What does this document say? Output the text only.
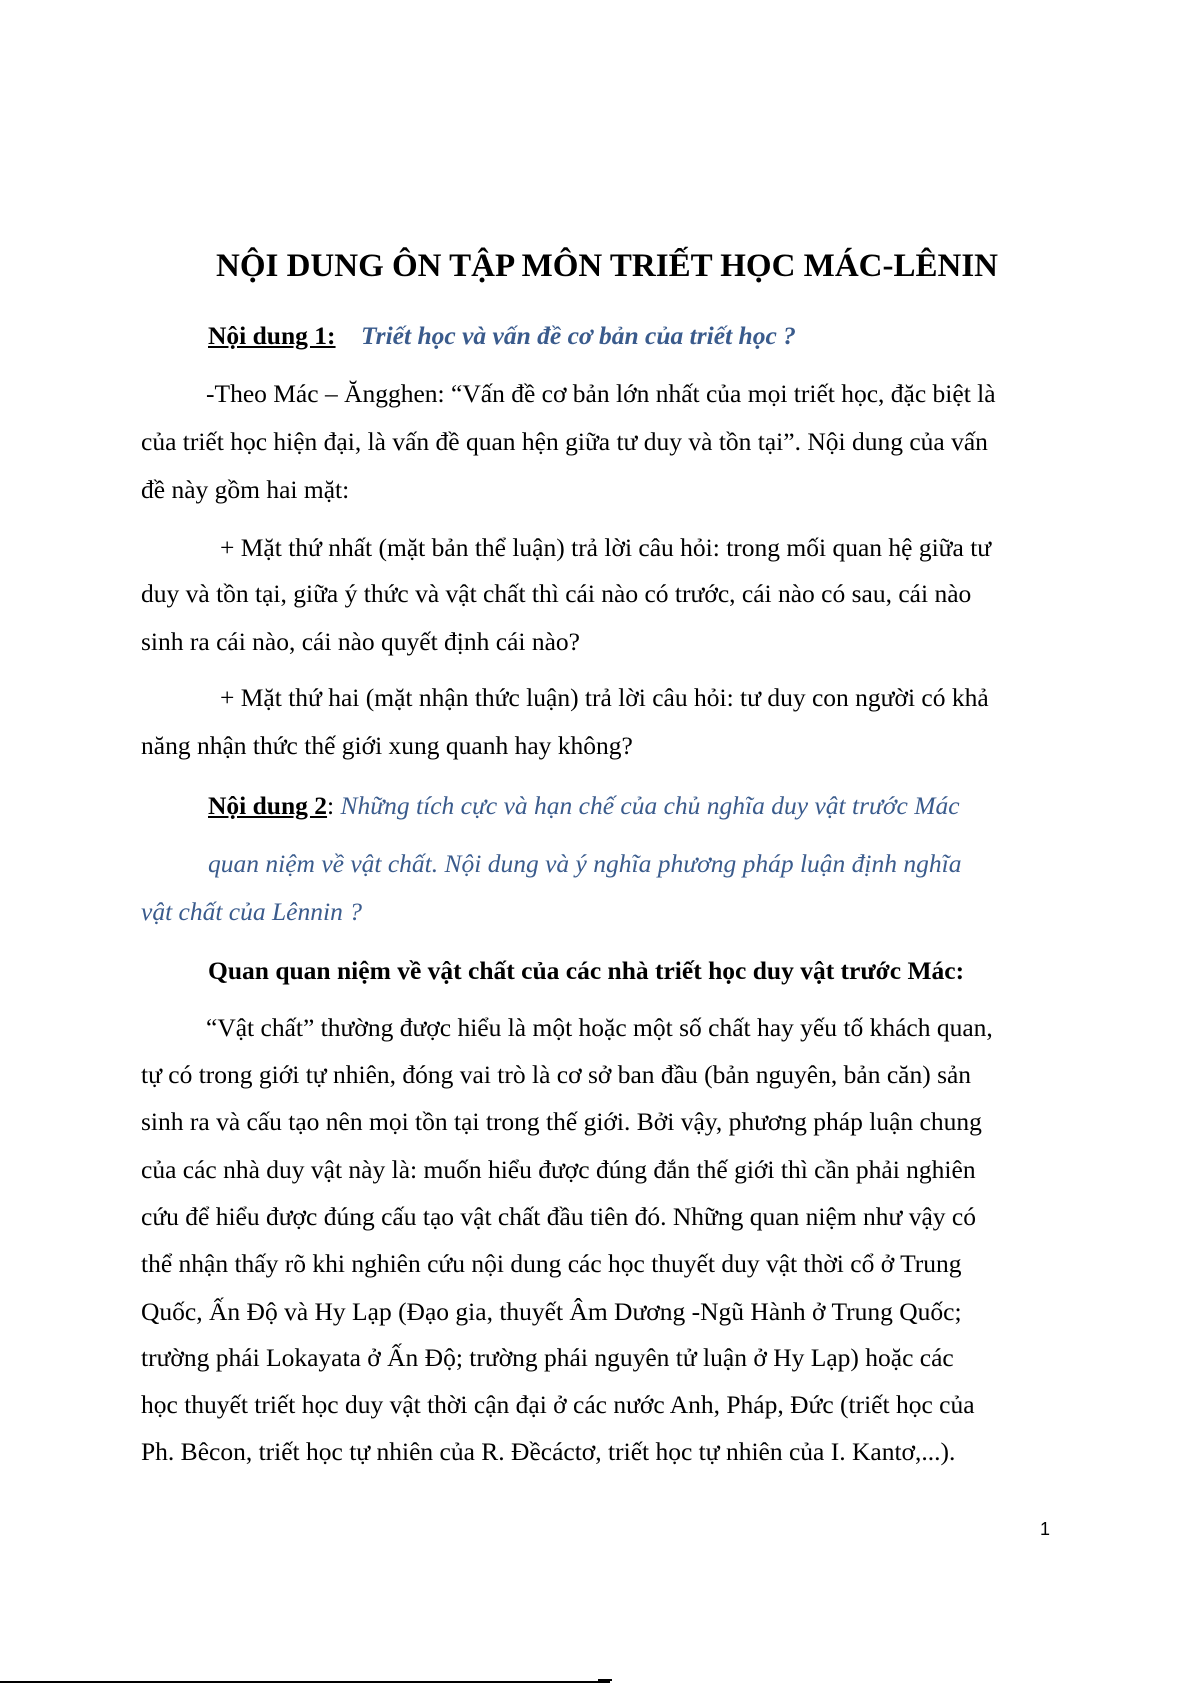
NỘI DUNG ÔN TẬP MÔN TRIẾT HỌC MÁC-LÊNIN
Nội dung 1: Triết học và vấn đề cơ bản của triết học ?
-Theo Mác – Ăngghen: “Vấn đề cơ bản lớn nhất của mọi triết học, đặc biệt là
của triết học hiện đại, là vấn đề quan hện giữa tư duy và tồn tại”. Nội dung của vấn
đề này gồm hai mặt:
+ Mặt thứ nhất (mặt bản thể luận) trả lời câu hỏi: trong mối quan hệ giữa tư
duy và tồn tại, giữa ý thức và vật chất thì cái nào có trước, cái nào có sau, cái nào
sinh ra cái nào, cái nào quyết định cái nào?
+ Mặt thứ hai (mặt nhận thức luận) trả lời câu hỏi: tư duy con người có khả
năng nhận thức thế giới xung quanh hay không?
Nội dung 2: Những tích cực và hạn chế của chủ nghĩa duy vật trước Mác
quan niệm về vật chất. Nội dung và ý nghĩa phương pháp luận định nghĩa
vật chất của Lênnin ?
Quan quan niệm về vật chất của các nhà triết học duy vật trước Mác:
“Vật chất” thường được hiểu là một hoặc một số chất hay yếu tố khách quan,
tự có trong giới tự nhiên, đóng vai trò là cơ sở ban đầu (bản nguyên, bản căn) sản
sinh ra và cấu tạo nên mọi tồn tại trong thế giới. Bởi vậy, phương pháp luận chung
của các nhà duy vật này là: muốn hiểu được đúng đắn thế giới thì cần phải nghiên
cứu để hiểu được đúng cấu tạo vật chất đầu tiên đó. Những quan niệm như vậy có
thể nhận thấy rõ khi nghiên cứu nội dung các học thuyết duy vật thời cổ ở Trung
Quốc, Ấn Độ và Hy Lạp (Đạo gia, thuyết Âm Dương -Ngũ Hành ở Trung Quốc;
trường phái Lokayata ở Ấn Độ; trường phái nguyên tử luận ở Hy Lạp) hoặc các
học thuyết triết học duy vật thời cận đại ở các nước Anh, Pháp, Đức (triết học của
Ph. Bêcon, triết học tự nhiên của R. Đềcáctơ, triết học tự nhiên của I. Kantơ,...).
1
